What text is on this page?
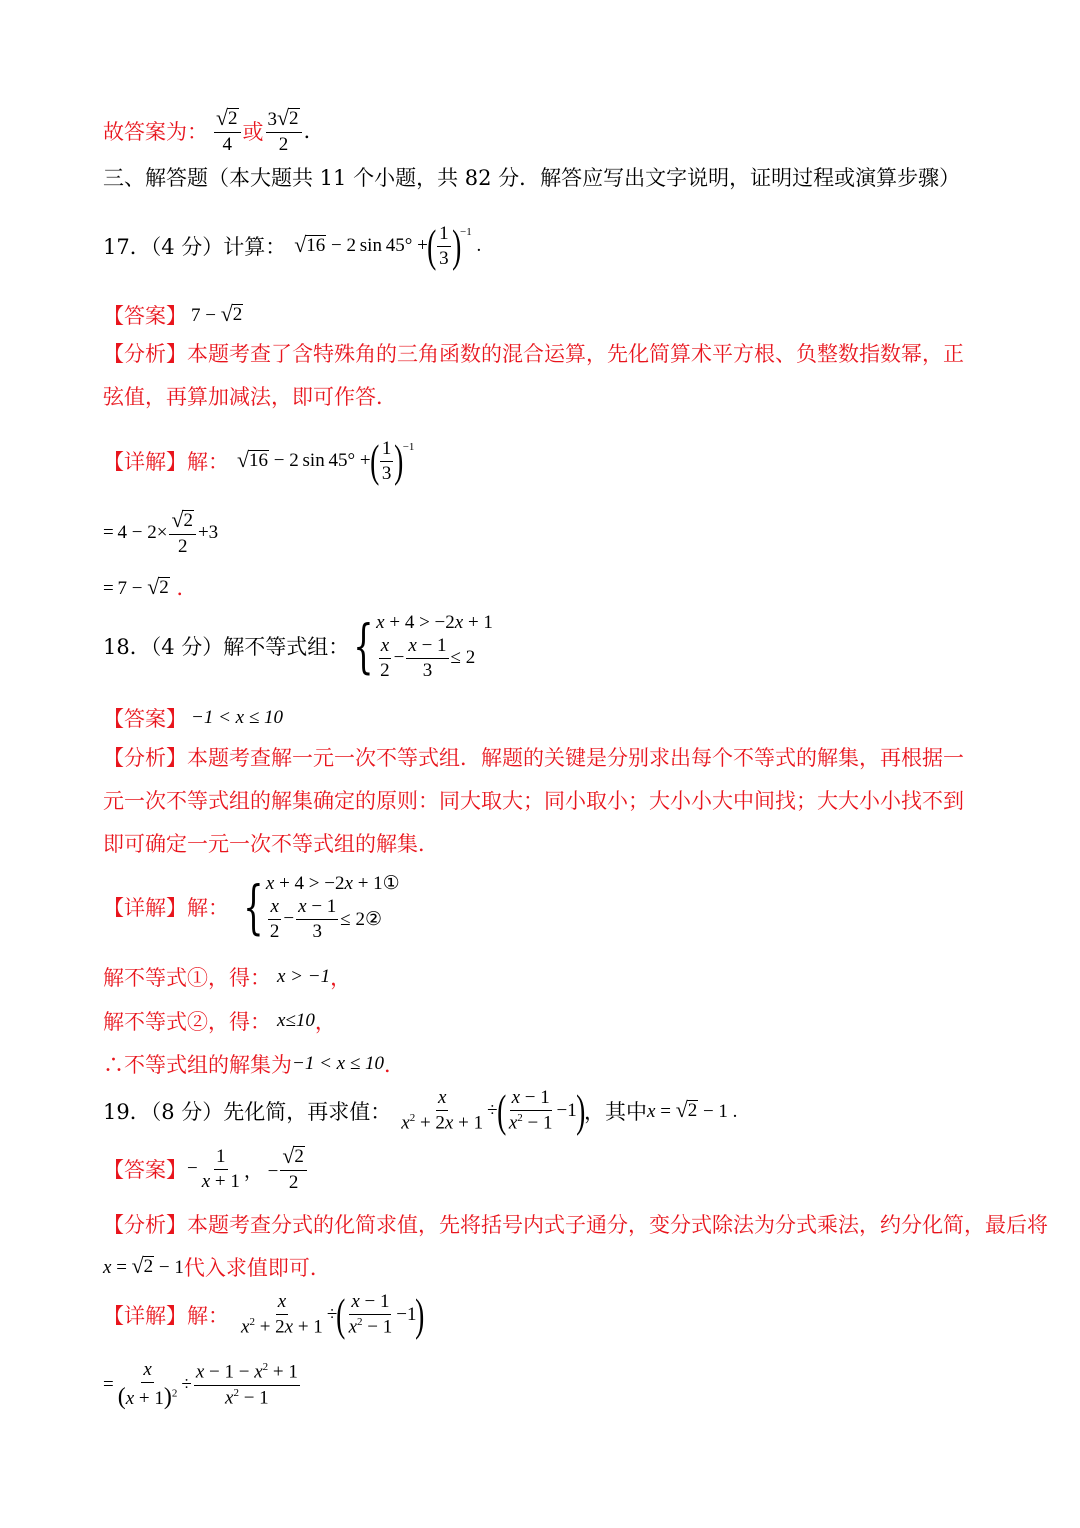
故答案为： $\frac{√ 2}{4}$ 或 $\frac{3 √ 2}{2}$ .
三、解答题（本大题共 11 个小题，共 82 分．解答应写出文字说明，证明过程或演算步骤）
17．（4 分）计算： √ 16 − 2 sin 45° + ( $\frac{1}{3}$ ) −1
.
【答案】 7 − √ 2
【分析】本题考查了含特殊角的三角函数的混合运算，先化简算术平方根、负整数指数幂，正弦值，再算加减法，即可作答．
【详解】 解： √ 16 − 2 sin 45° + ( $\frac{1}{3}$ ) −1
= $4 - 2\times \frac{√ 2}{2} +3$
= 7 − √ 2 .
18．（4 分）解不等式组： { x + 4 > −2x + 1
$\frac{x}{2} - \frac{x - 1}{3} \le 2$
【答案】 −1 < x ≤ 10
【分析】本题考查解一元一次不等式组．解题的关键是分别求出每个不等式的解集，再根据一元一次不等式组的解集确定的原则：同大取大；同小取小；大小小大中间找；大大小小找不到即可确定一元一次不等式组的解集．
【详解】 解： { x + 4 > −2x + 1①
$\frac{x}{2} - \frac{x - 1}{3}$ ≤ 2②
解不等式①，得： x > −1 ，
解不等式②，得： x≤10 ，
∴不等式组的解集为 −1 < x ≤ 10 ．
19．（8 分）先化简，再求值： $\frac{x}{x^2 + 2x + 1}$ ÷ ( $\frac{x - 1}{x^2 - 1} -1$ ) ，其中 x = √ 2 − 1 .
【答案】 − $\frac{1}{x + 1}$ ， − $\frac{√ 2}{2}$
【分析】 本题考查分式的化简求值，先将括号内式子通分，变分式除法为分式乘法，约分化简，最后将
x = √ 2 − 1 代入求值即可．
【详解】 解： $\frac{x}{x^2 + 2x + 1}$ ÷ ( $\frac{x - 1}{x^2 - 1} -1$ )
= $\frac{x}{(x + 1)^2} \div \frac{x - 1 - x^2 + 1}{x^2 - 1}$
